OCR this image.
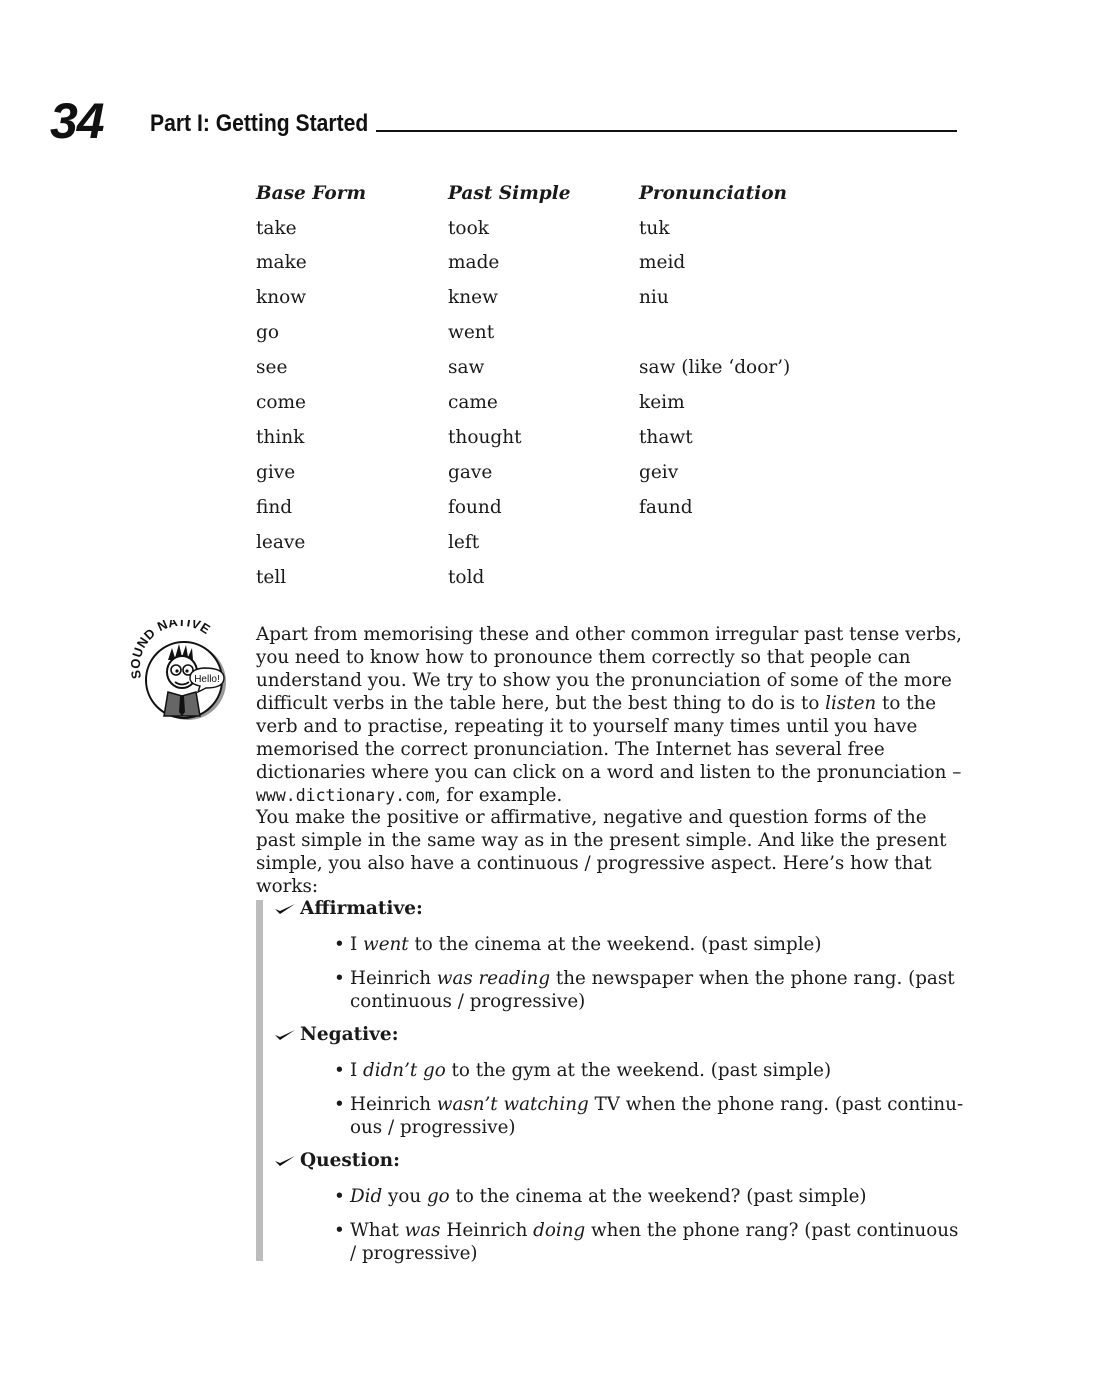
34 Part I: Getting Started
Base Form	Past Simple	Pronunciation
take	took	tuk
make	made	meid
know	knew	niu
go	went
see	saw	saw (like ‘door’)
come	came	keim
think	thought	thawt
give	gave	geiv
find	found	faund
leave	left
tell	told
SOUND NATIVE
Hello!
Apart from memorising these and other common irregular past tense verbs, you need to know how to pronounce them correctly so that people can understand you. We try to show you the pronunciation of some of the more difficult verbs in the table here, but the best thing to do is to listen to the verb and to practise, repeating it to yourself many times until you have memorised the correct pronunciation. The Internet has several free dictionaries where you can click on a word and listen to the pronunciation – www.dictionary.com, for example.
You make the positive or affirmative, negative and question forms of the past simple in the same way as in the present simple. And like the present simple, you also have a continuous / progressive aspect. Here’s how that works:
Affirmative:
• I went to the cinema at the weekend. (past simple)
• Heinrich was reading the newspaper when the phone rang. (past continuous / progressive)
Negative:
• I didn’t go to the gym at the weekend. (past simple)
• Heinrich wasn’t watching TV when the phone rang. (past continuous / progressive)
Question:
• Did you go to the cinema at the weekend? (past simple)
• What was Heinrich doing when the phone rang? (past continuous / progressive)
